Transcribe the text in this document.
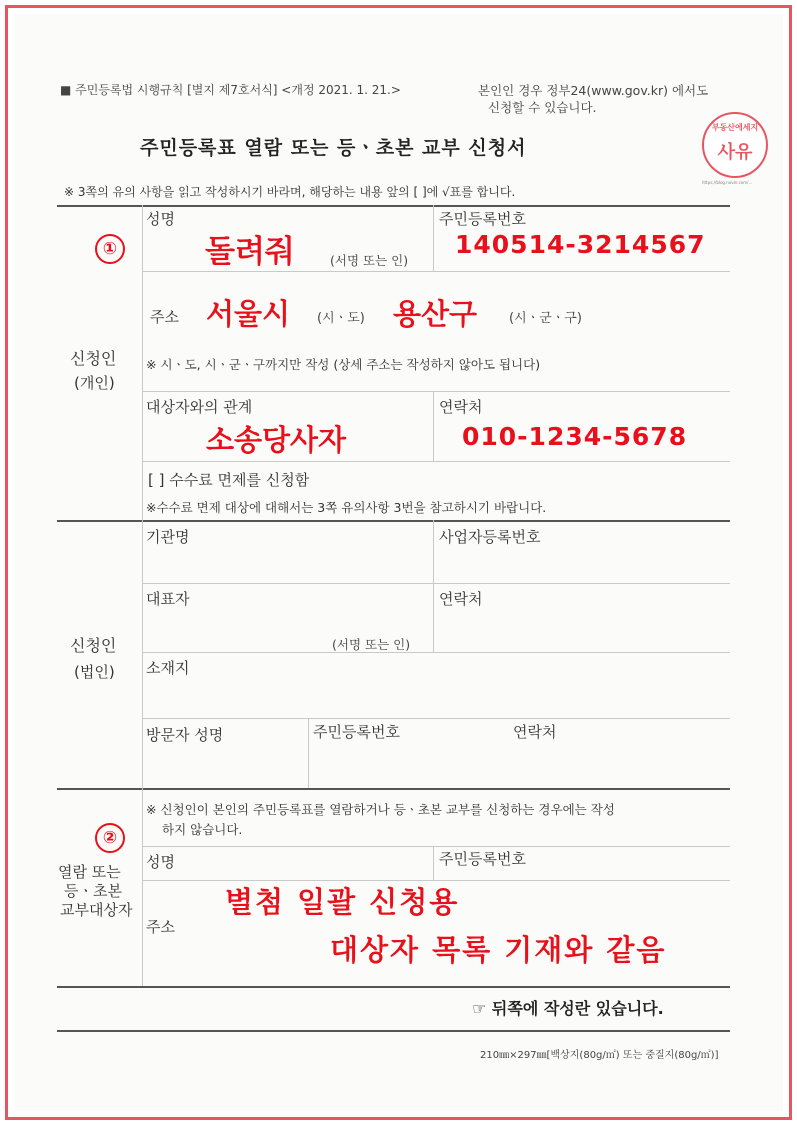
■ 주민등록법 시행규칙 [별지 제7호서식] <개정 2021. 1. 21.>	본인인 경우 정부24(www.gov.kr) 에서도
신청할 수 있습니다.
주민등록표 열람 또는 등ㆍ초본 교부 신청서
부동산에세지
사유
https://blog.naver.com/...
※ 3쪽의 유의 사항을 읽고 작성하시기 바라며, 해당하는 내용 앞의 [ ]에 √표를 합니다.
①
신청인
(개인)
성명
돌려줘	(서명 또는 인)
주민등록번호
140514-3214567
주소 서울시 (시ㆍ도) 용산구 (시ㆍ군ㆍ구)
※ 시ㆍ도, 시ㆍ군ㆍ구까지만 작성 (상세 주소는 작성하지 않아도 됩니다)
대상자와의 관계
소송당사자
연락처
010-1234-5678
[ ] 수수료 면제를 신청함
※수수료 면제 대상에 대해서는 3쪽 유의사항 3번을 참고하시기 바랍니다.
신청인
(법인)
기관명	사업자등록번호
대표자
(서명 또는 인)
연락처
소재지
방문자 성명	주민등록번호	연락처
②
열람 또는
등ㆍ초본
교부대상자
※ 신청인이 본인의 주민등록표를 열람하거나 등ㆍ초본 교부를 신청하는 경우에는 작성
하지 않습니다.
성명	주민등록번호
주소
별첨 일괄 신청용
대상자 목록 기재와 같음
☞ 뒤쪽에 작성란 있습니다.
210㎜×297㎜[백상지(80g/㎡) 또는 중질지(80g/㎡)]
